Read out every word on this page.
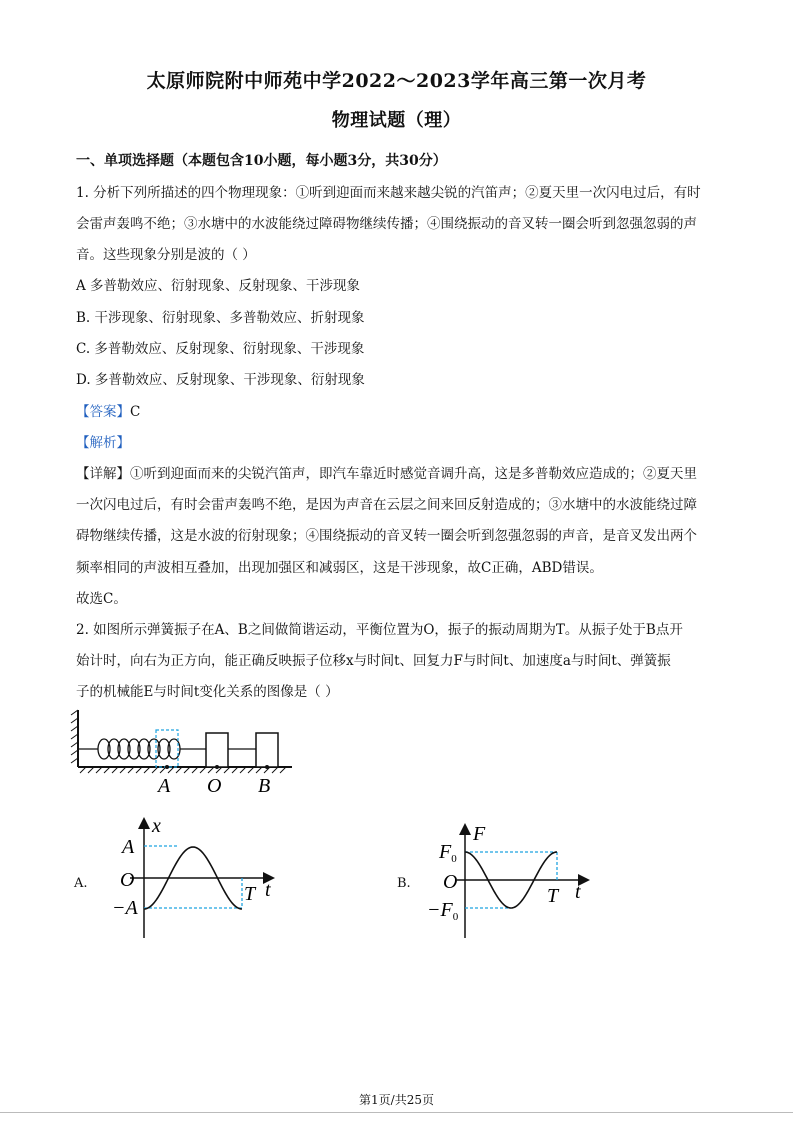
太原师院附中师苑中学2022～2023学年高三第一次月考
物理试题（理）
一、单项选择题（本题包含10小题，每小题3分，共30分）
1. 分析下列所描述的四个物理现象：①听到迎面而来越来越尖锐的汽笛声；②夏天里一次闪电过后，有时
会雷声轰鸣不绝；③水塘中的水波能绕过障碍物继续传播；④围绕振动的音叉转一圈会听到忽强忽弱的声
音。这些现象分别是波的（ ）
A 多普勒效应、衍射现象、反射现象、干涉现象
B. 干涉现象、衍射现象、多普勒效应、折射现象
C. 多普勒效应、反射现象、衍射现象、干涉现象
D. 多普勒效应、反射现象、干涉现象、衍射现象
【答案】C
【解析】
【详解】①听到迎面而来的尖锐汽笛声，即汽车靠近时感觉音调升高，这是多普勒效应造成的；②夏天里
一次闪电过后，有时会雷声轰鸣不绝，是因为声音在云层之间来回反射造成的；③水塘中的水波能绕过障
碍物继续传播，这是水波的衍射现象；④围绕振动的音叉转一圈会听到忽强忽弱的声音，是音叉发出两个
频率相同的声波相互叠加，出现加强区和减弱区，这是干涉现象，故C正确，ABD错误。
故选C。
2. 如图所示弹簧振子在A、B之间做简谐运动，平衡位置为O，振子的振动周期为T。从振子处于B点开
始计时，向右为正方向，能正确反映振子位移x与时间t、回复力F与时间t、加速度a与时间t、弹簧振
子的机械能E与时间t变化关系的图像是（ ）
A O B
A.
x
t
A
O
−A
T	B.
F
t
$F_0$
O
$-F_0$
T
第1页/共25页
